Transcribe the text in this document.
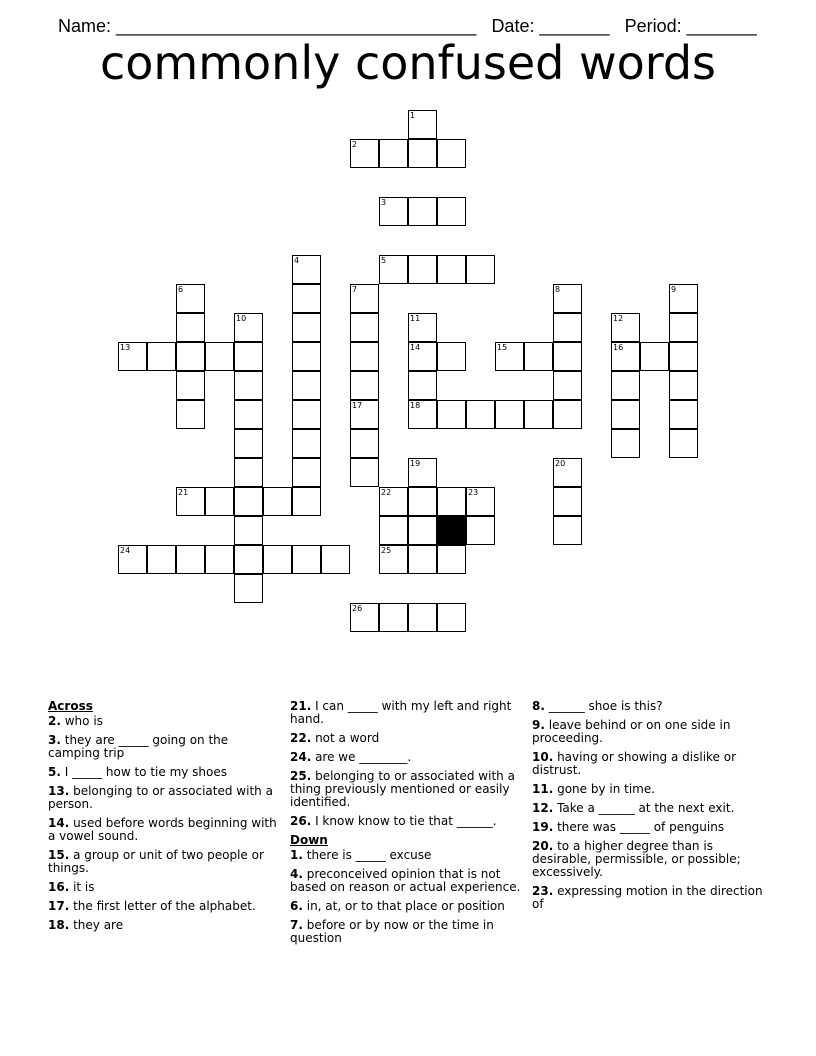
Name: ____________________________________ Date: _______ Period: _______

commonly confused words
1
2
3
4	5
6	7	8	9
10	11	12
13	14	15	16
17	18
19	20
21	22	23
24	25
26
Across
2. who is
3. they are _____ going on the camping trip
5. I _____ how to tie my shoes
13. belonging to or associated with a person.
14. used before words beginning with a vowel sound.
15. a group or unit of two people or things.
16. it is
17. the first letter of the alphabet.
18. they are
21. I can _____ with my left and right hand.
22. not a word
24. are we ________.
25. belonging to or associated with a thing previously mentioned or easily identified.
26. I know know to tie that ______.
Down
1. there is _____ excuse
4. preconceived opinion that is not based on reason or actual experience.
6. in, at, or to that place or position
7. before or by now or the time in question
8. ______ shoe is this?
9. leave behind or on one side in proceeding.
10. having or showing a dislike or distrust.
11. gone by in time.
12. Take a ______ at the next exit.
19. there was _____ of penguins
20. to a higher degree than is desirable, permissible, or possible; excessively.
23. expressing motion in the direction of
